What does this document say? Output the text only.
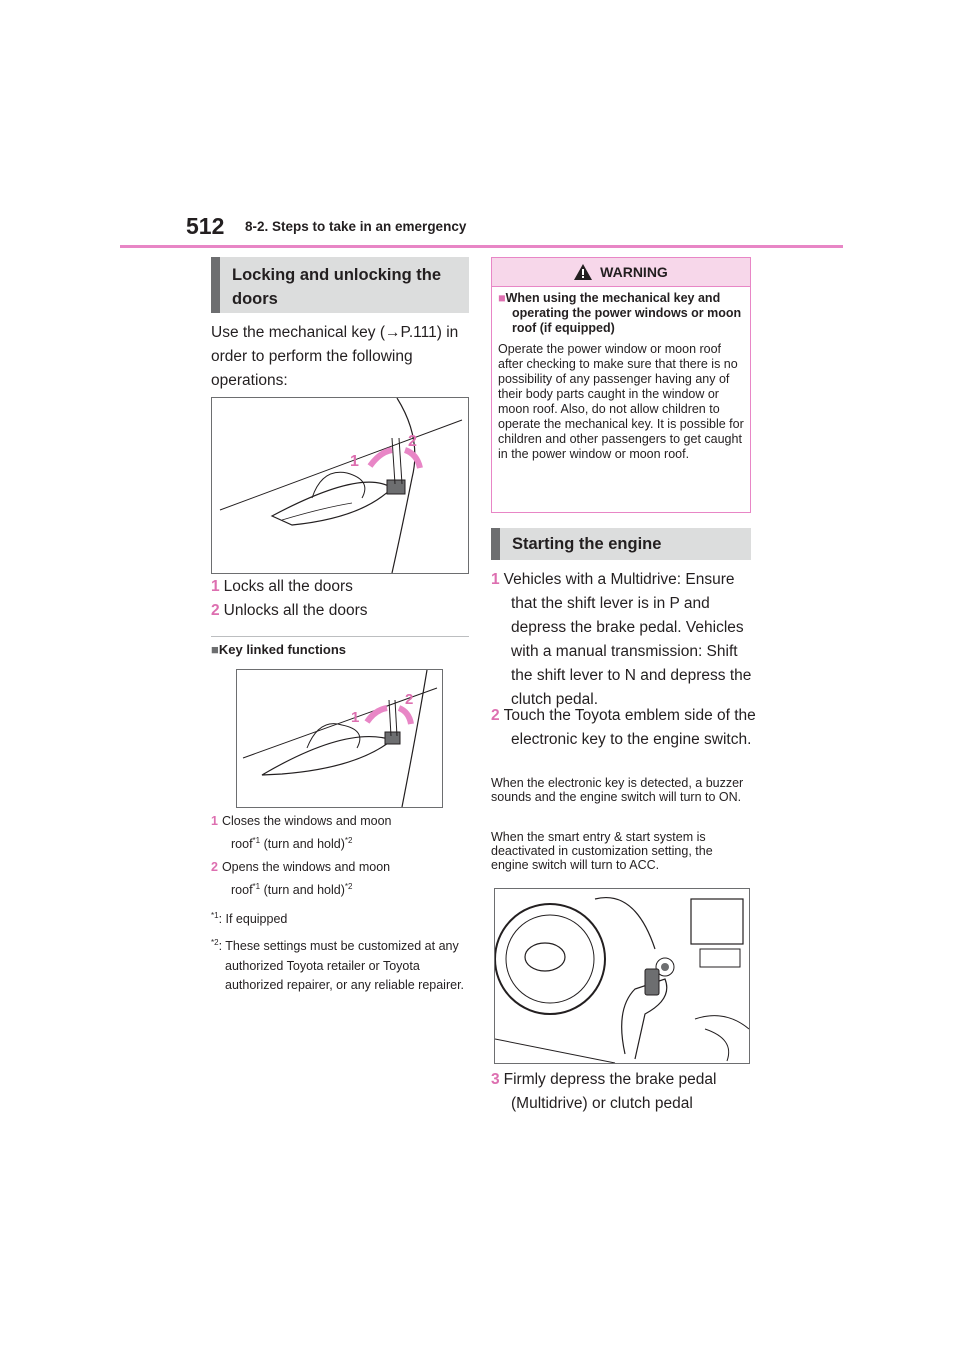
512 8-2. Steps to take in an emergency
Locking and unlocking the doors
Use the mechanical key (→P.111) in order to perform the following operations:
1
2
1 Locks all the doors
2 Unlocks all the doors
■Key linked functions
1
2
1 Closes the windows and moon
roof$^{*1}$ (turn and hold)$^{*2}$
2 Opens the windows and moon
roof$^{*1}$ (turn and hold)$^{*2}$
$^{*1}$: If equipped
$^{*2}$: These settings must be customized at any authorized Toyota retailer or Toyota authorized repairer, or any reliable repairer.
WARNING
■When using the mechanical key and operating the power windows or moon roof (if equipped)
Operate the power window or moon roof after checking to make sure that there is no possibility of any passenger having any of their body parts caught in the window or moon roof. Also, do not allow children to operate the mechanical key. It is possible for children and other passengers to get caught in the power window or moon roof.
Starting the engine
1 Vehicles with a Multidrive: Ensure that the shift lever is in P and depress the brake pedal. Vehicles with a manual transmission: Shift the shift lever to N and depress the clutch pedal.
2 Touch the Toyota emblem side of the electronic key to the engine switch.
When the electronic key is detected, a buzzer sounds and the engine switch will turn to ON.
When the smart entry & start system is deactivated in customization setting, the engine switch will turn to ACC.
3 Firmly depress the brake pedal (Multidrive) or clutch pedal
